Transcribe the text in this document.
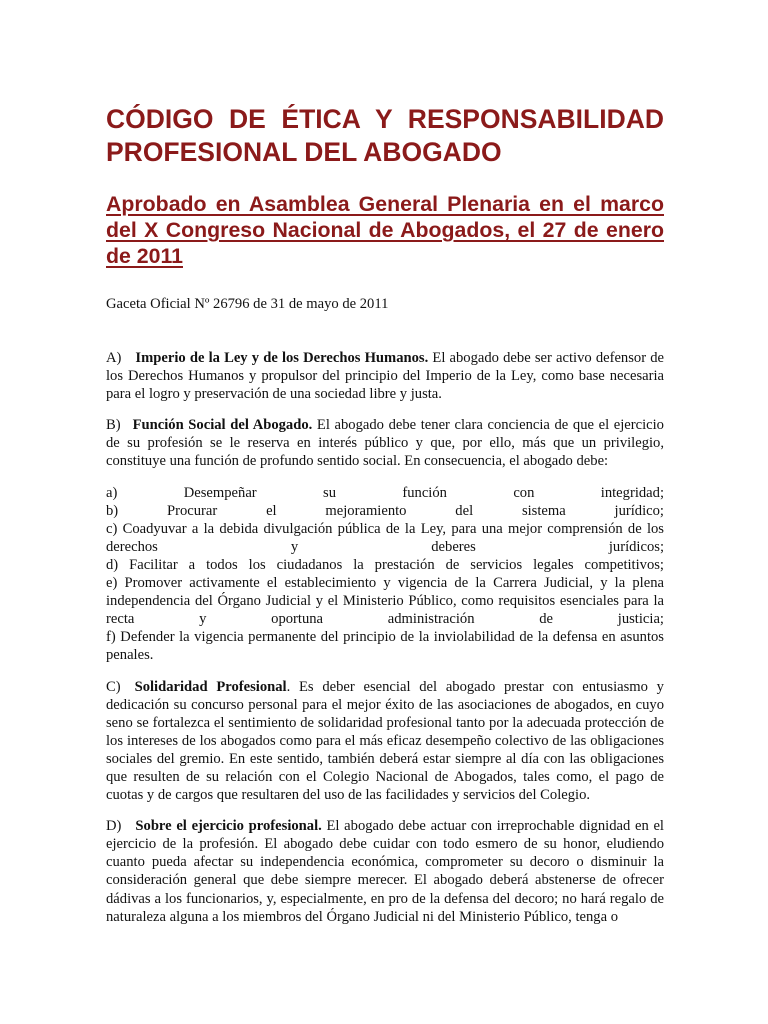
CÓDIGO DE ÉTICA Y RESPONSABILIDAD PROFESIONAL DEL ABOGADO
Aprobado en Asamblea General Plenaria en el marco del X Congreso Nacional de Abogados, el 27 de enero de 2011

Gaceta Oficial Nº 26796 de 31 de mayo de 2011

A) Imperio de la Ley y de los Derechos Humanos. El abogado debe ser activo defensor de los Derechos Humanos y propulsor del principio del Imperio de la Ley, como base necesaria para el logro y preservación de una sociedad libre y justa.

B) Función Social del Abogado. El abogado debe tener clara conciencia de que el ejercicio de su profesión se le reserva en interés público y que, por ello, más que un privilegio, constituye una función de profundo sentido social. En consecuencia, el abogado debe:

a)	Desempeñar su función con integridad;

b)	Procurar el mejoramiento del sistema jurídico;

c) Coadyuvar a la debida divulgación pública de la Ley, para una mejor comprensión de los derechos y deberes jurídicos;

d) Facilitar a todos los ciudadanos la prestación de servicios legales competitivos;

e) Promover activamente el establecimiento y vigencia de la Carrera Judicial, y la plena independencia del Órgano Judicial y el Ministerio Público, como requisitos esenciales para la recta y oportuna administración de justicia;

f) Defender la vigencia permanente del principio de la inviolabilidad de la defensa en asuntos penales.

C) Solidaridad Profesional. Es deber esencial del abogado prestar con entusiasmo y dedicación su concurso personal para el mejor éxito de las asociaciones de abogados, en cuyo seno se fortalezca el sentimiento de solidaridad profesional tanto por la adecuada protección de los intereses de los abogados como para el más eficaz desempeño colectivo de las obligaciones sociales del gremio. En este sentido, también deberá estar siempre al día con las obligaciones que resulten de su relación con el Colegio Nacional de Abogados, tales como, el pago de cuotas y de cargos que resultaren del uso de las facilidades y servicios del Colegio.

D) Sobre el ejercicio profesional. El abogado debe actuar con irreprochable dignidad en el ejercicio de la profesión. El abogado debe cuidar con todo esmero de su honor, eludiendo cuanto pueda afectar su independencia económica, comprometer su decoro o disminuir la consideración general que debe siempre merecer. El abogado deberá abstenerse de ofrecer dádivas a los funcionarios, y, especialmente, en pro de la defensa del decoro; no hará regalo de naturaleza alguna a los miembros del Órgano Judicial ni del Ministerio Público, tenga o
